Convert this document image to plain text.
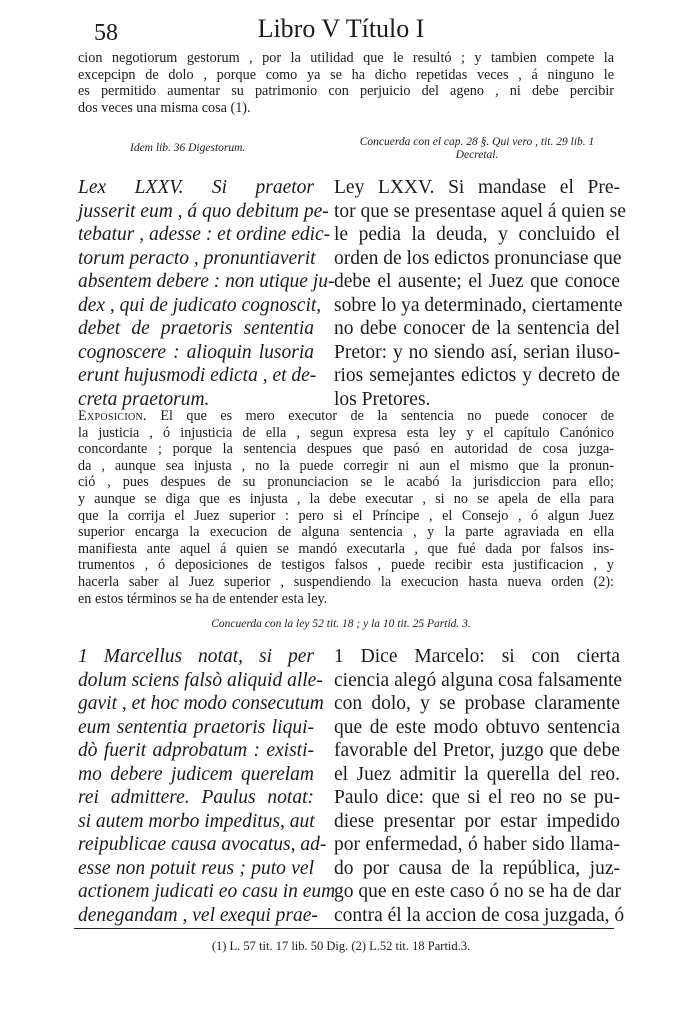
58	Libro V Título I
cion negotiorum gestorum , por la utilidad que le resultó ; y tambien compete la
excepcipn de dolo , porque como ya se ha dicho repetidas veces , á ninguno le
es permitido aumentar su patrimonio con perjuicio del ageno , ni debe percibir
dos veces una misma cosa (1).
Idem lib. 36 Digestorum.	Concuerda con el cap. 28 §. Qui vero , tit. 29 lib. 1
Decretal.
Lex LXXV. Si praetor
jusserit eum , á quo debitum pe-
tebatur , adesse : et ordine edic-
torum peracto , pronuntiaverit
absentem debere : non utique ju-
dex , qui de judicato cognoscit,
debet de praetoris sententia
cognoscere : alioquin lusoria
erunt hujusmodi edicta , et de-
creta praetorum.
Ley LXXV. Si mandase el Pre-
tor que se presentase aquel á quien se
le pedia la deuda, y concluido el
orden de los edictos pronunciase que
debe el ausente; el Juez que conoce
sobre lo ya determinado, ciertamente
no debe conocer de la sentencia del
Pretor: y no siendo así, serian iluso-
rios semejantes edictos y decreto de
los Pretores.
Exposicion. El que es mero executor de la sentencia no puede conocer de
la justicia , ó injusticia de ella , segun expresa esta ley y el capítulo Canónico
concordante ; porque la sentencia despues que pasó en autoridad de cosa juzga-
da , aunque sea injusta , no la puede corregir ni aun el mismo que la pronun-
ció , pues despues de su pronunciacion se le acabó la jurisdiccion para ello;
y aunque se diga que es injusta , la debe executar , si no se apela de ella para
que la corrija el Juez superior : pero si el Príncipe , el Consejo , ó algun Juez
superior encarga la execucion de alguna sentencia , y la parte agraviada en ella
manifiesta ante aquel á quien se mandó executarla , que fué dada por falsos ins-
trumentos , ó deposiciones de testigos falsos , puede recibir esta justificacion , y
hacerla saber al Juez superior , suspendiendo la execucion hasta nueva orden (2):
en estos términos se ha de entender esta ley.
Concuerda con la ley 52 tit. 18 ; y la 10 tit. 25 Partid. 3.
1 Marcellus notat, si per
dolum sciens falsò aliquid alle-
gavit , et hoc modo consecutum
eum sententia praetoris liqui-
dò fuerit adprobatum : existi-
mo debere judicem querelam
rei admittere. Paulus notat:
si autem morbo impeditus, aut
reipublicae causa avocatus, ad-
esse non potuit reus ; puto vel
actionem judicati eo casu in eum
denegandam , vel exequi prae-
1 Dice Marcelo: si con cierta
ciencia alegó alguna cosa falsamente
con dolo, y se probase claramente
que de este modo obtuvo sentencia
favorable del Pretor, juzgo que debe
el Juez admitir la querella del reo.
Paulo dice: que si el reo no se pu-
diese presentar por estar impedido
por enfermedad, ó haber sido llama-
do por causa de la república, juz-
go que en este caso ó no se ha de dar
contra él la accion de cosa juzgada, ó
(1) L. 57 tit. 17 lib. 50 Dig. (2) L.52 tit. 18 Partid.3.
